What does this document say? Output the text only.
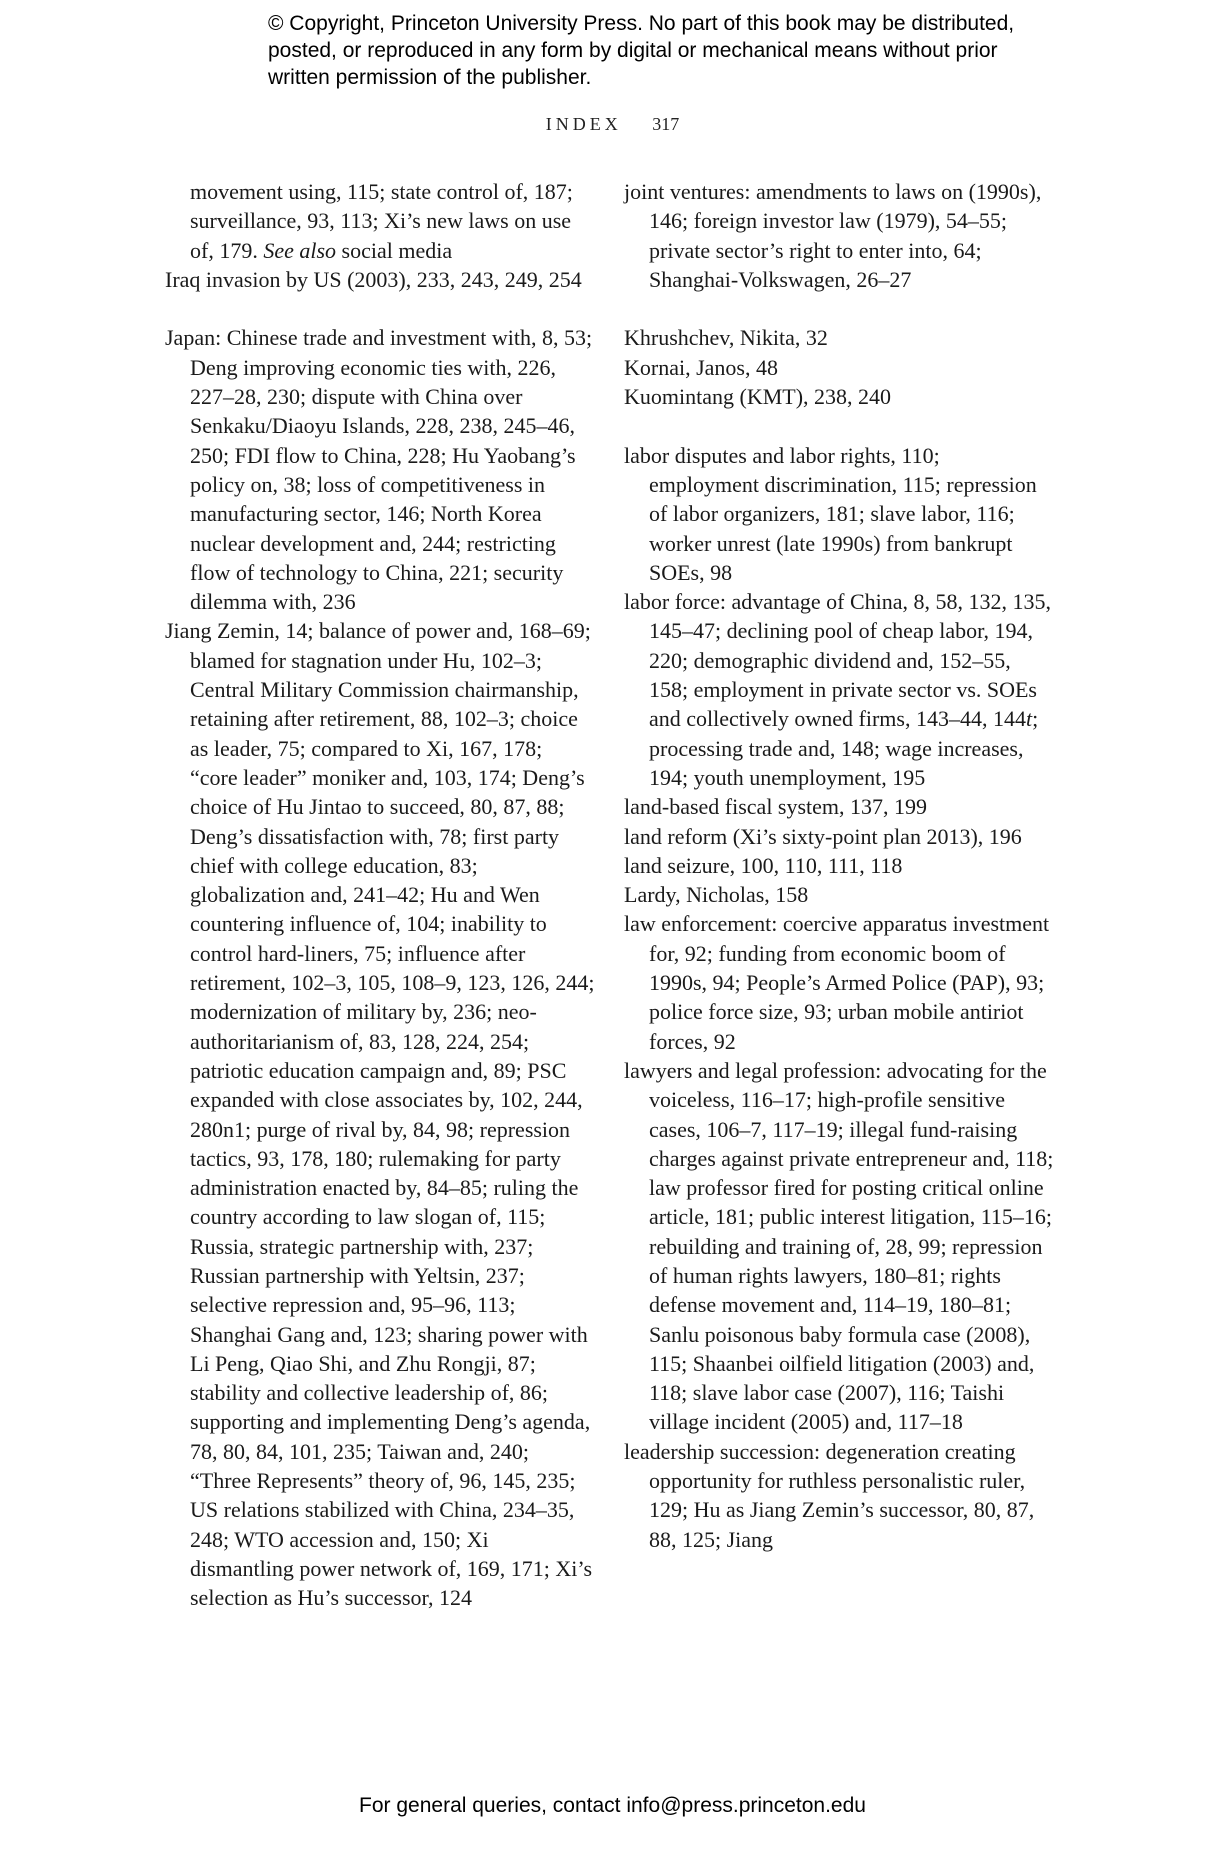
© Copyright, Princeton University Press. No part of this book may be distributed, posted, or reproduced in any form by digital or mechanical means without prior written permission of the publisher.
INDEX 317

movement using, 115; state control of, 187; surveillance, 93, 113; Xi’s new laws on use of, 179. See also social media

Iraq invasion by US (2003), 233, 243, 249, 254

Japan: Chinese trade and investment with, 8, 53; Deng improving economic ties with, 226, 227–28, 230; dispute with China over Senkaku/Diaoyu Islands, 228, 238, 245–46, 250; FDI flow to China, 228; Hu Yaobang’s policy on, 38; loss of competitiveness in manufacturing sector, 146; North Korea nuclear development and, 244; restricting flow of technology to China, 221; security dilemma with, 236

Jiang Zemin, 14; balance of power and, 168–69; blamed for stagnation under Hu, 102–3; Central Military Commission chairmanship, retaining after retirement, 88, 102–3; choice as leader, 75; compared to Xi, 167, 178; “core leader” moniker and, 103, 174; Deng’s choice of Hu Jintao to succeed, 80, 87, 88; Deng’s dissatisfaction with, 78; first party chief with college education, 83; globalization and, 241–42; Hu and Wen countering influence of, 104; inability to control hard-liners, 75; influence after retirement, 102–3, 105, 108–9, 123, 126, 244; modernization of military by, 236; neo-authoritarianism of, 83, 128, 224, 254; patriotic education campaign and, 89; PSC expanded with close associates by, 102, 244, 280n1; purge of rival by, 84, 98; repression tactics, 93, 178, 180; rulemaking for party administration enacted by, 84–85; ruling the country according to law slogan of, 115; Russia, strategic partnership with, 237; Russian partnership with Yeltsin, 237; selective repression and, 95–96, 113; Shanghai Gang and, 123; sharing power with Li Peng, Qiao Shi, and Zhu Rongji, 87; stability and collective leadership of, 86; supporting and implementing Deng’s agenda, 78, 80, 84, 101, 235; Taiwan and, 240; “Three Represents” theory of, 96, 145, 235; US relations stabilized with China, 234–35, 248; WTO accession and, 150; Xi dismantling power network of, 169, 171; Xi’s selection as Hu’s successor, 124

joint ventures: amendments to laws on (1990s), 146; foreign investor law (1979), 54–55; private sector’s right to enter into, 64; Shanghai-Volkswagen, 26–27

Khrushchev, Nikita, 32

Kornai, Janos, 48

Kuomintang (KMT), 238, 240

labor disputes and labor rights, 110; employment discrimination, 115; repression of labor organizers, 181; slave labor, 116; worker unrest (late 1990s) from bankrupt SOEs, 98

labor force: advantage of China, 8, 58, 132, 135, 145–47; declining pool of cheap labor, 194, 220; demographic dividend and, 152–55, 158; employment in private sector vs. SOEs and collectively owned firms, 143–44, 144t; processing trade and, 148; wage increases, 194; youth unemployment, 195

land-based fiscal system, 137, 199

land reform (Xi’s sixty-point plan 2013), 196

land seizure, 100, 110, 111, 118

Lardy, Nicholas, 158

law enforcement: coercive apparatus investment for, 92; funding from economic boom of 1990s, 94; People’s Armed Police (PAP), 93; police force size, 93; urban mobile antiriot forces, 92

lawyers and legal profession: advocating for the voiceless, 116–17; high-profile sensitive cases, 106–7, 117–19; illegal fund-raising charges against private entrepreneur and, 118; law professor fired for posting critical online article, 181; public interest litigation, 115–16; rebuilding and training of, 28, 99; repression of human rights lawyers, 180–81; rights defense movement and, 114–19, 180–81; Sanlu poisonous baby formula case (2008), 115; Shaanbei oilfield litigation (2003) and, 118; slave labor case (2007), 116; Taishi village incident (2005) and, 117–18

leadership succession: degeneration creating opportunity for ruthless personalistic ruler, 129; Hu as Jiang Zemin’s successor, 80, 87, 88, 125; Jiang

For general queries, contact info@press.princeton.edu
